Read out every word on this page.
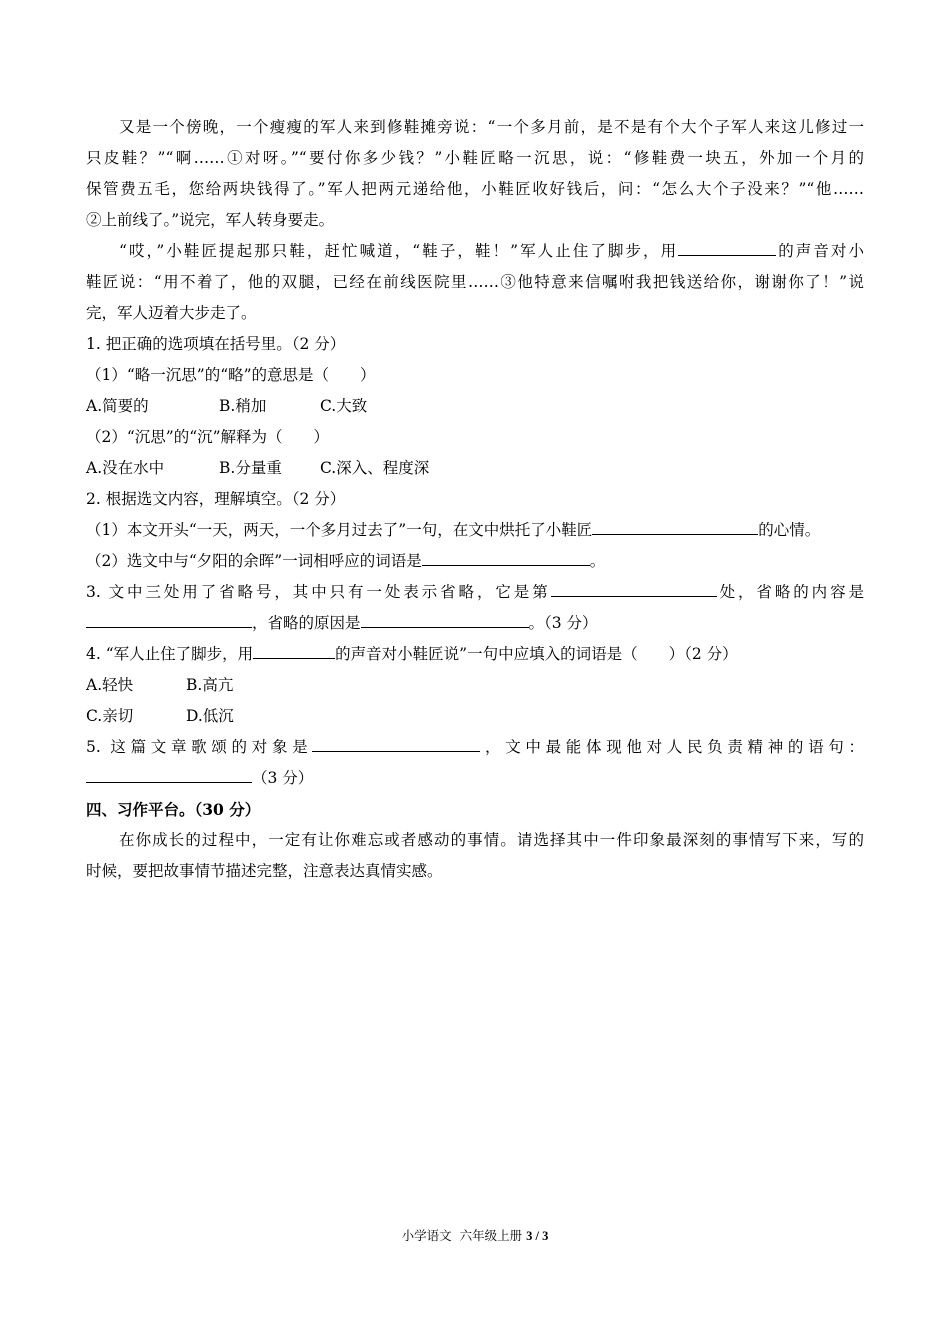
又是一个傍晚，一个瘦瘦的军人来到修鞋摊旁说：“一个多月前，是不是有个大个子军人来这儿修过一
只皮鞋？”“啊……①对呀。”“要付你多少钱？”小鞋匠略一沉思，说：“修鞋费一块五，外加一个月的
保管费五毛，您给两块钱得了。”军人把两元递给他，小鞋匠收好钱后，问：“怎么大个子没来？”“他……
②上前线了。”说完，军人转身要走。
“哎，”小鞋匠提起那只鞋，赶忙喊道，“鞋子，鞋！”军人止住了脚步，用	的声音对小
鞋匠说：“用不着了，他的双腿，已经在前线医院里……③他特意来信嘱咐我把钱送给你，谢谢你了！”说
完，军人迈着大步走了。
1. 把正确的选项填在括号里。（2 分）
（1）“略一沉思”的“略”的意思是（　　）
A.简要的	B.稍加	C.大致
（2）“沉思”的“沉”解释为（　　）
A.没在水中	B.分量重 C.深入、程度深
2. 根据选文内容，理解填空。（2 分）
（1）本文开头“一天，两天，一个多月过去了”一句，在文中烘托了小鞋匠	的心情。
（2）选文中与“夕阳的余晖”一词相呼应的词语是	。
3. 文中三处用了省略号，其中只有一处表示省略，它是第	处，省略的内容是
，省略的原因是	。（3 分）
4. “军人止住了脚步，用	的声音对小鞋匠说”一句中应填入的词语是（　　）（2 分）
A.轻快	B.高亢
C.亲切	D.低沉
5. 这篇文章歌颂的对象是	，文中最能体现他对人民负责精神的语句：
（3 分）
四、习作平台。（30 分）
在你成长的过程中，一定有让你难忘或者感动的事情。请选择其中一件印象最深刻的事情写下来，写的
时候，要把故事情节描述完整，注意表达真情实感。
小学语文  六年级上册 3 / 3
